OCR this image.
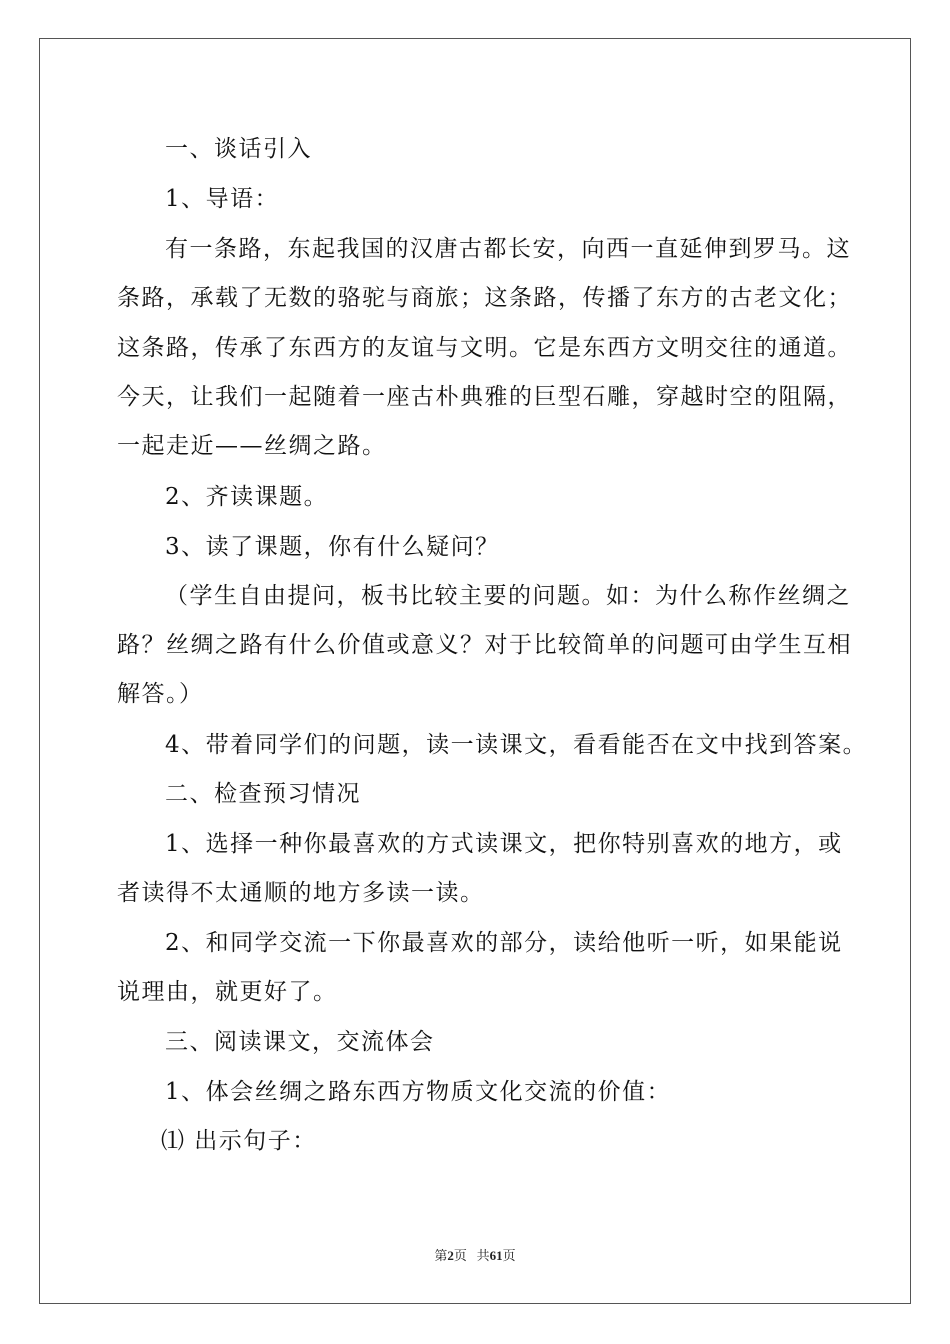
一、谈话引入
1、导语：
有一条路，东起我国的汉唐古都长安，向西一直延伸到罗马。这
条路，承载了无数的骆驼与商旅；这条路，传播了东方的古老文化；
这条路，传承了东西方的友谊与文明。它是东西方文明交往的通道。
今天，让我们一起随着一座古朴典雅的巨型石雕，穿越时空的阻隔，
一起走近——丝绸之路。
2、齐读课题。
3、读了课题，你有什么疑问？
（学生自由提问，板书比较主要的问题。如：为什么称作丝绸之
路？丝绸之路有什么价值或意义？对于比较简单的问题可由学生互相
解答。）
4、带着同学们的问题，读一读课文，看看能否在文中找到答案。
二、检查预习情况
1、选择一种你最喜欢的方式读课文，把你特别喜欢的地方，或
者读得不太通顺的地方多读一读。
2、和同学交流一下你最喜欢的部分，读给他听一听，如果能说
说理由，就更好了。
三、阅读课文，交流体会
1、体会丝绸之路东西方物质文化交流的价值：
⑴ 出示句子：
第2页 共61页
